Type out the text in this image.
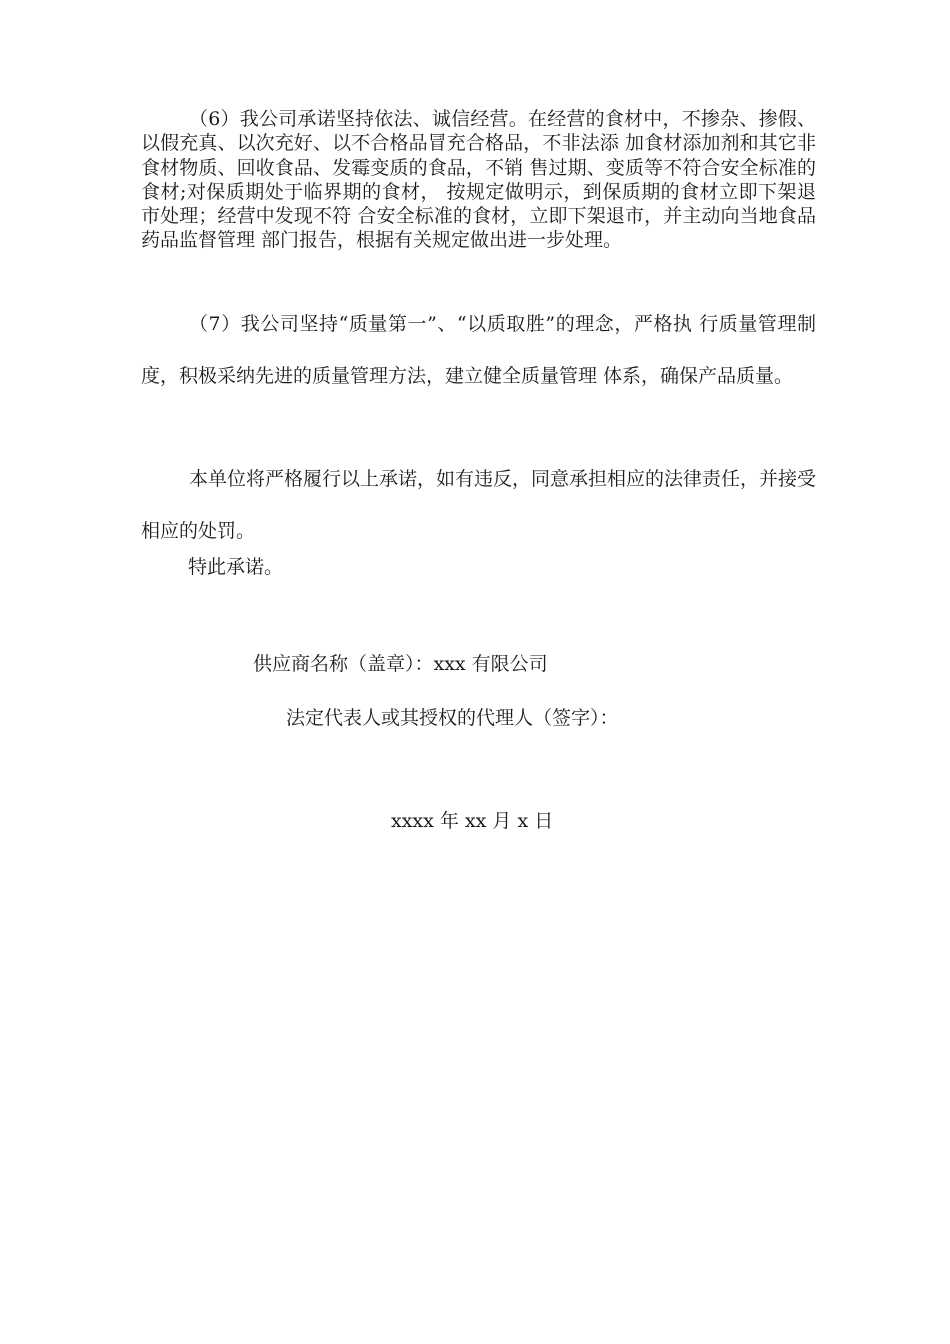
（6）我公司承诺坚持依法、诚信经营。在经营的食材中，不掺杂、掺假、以假充真、以次充好、以不合格品冒充合格品，不非法添 加食材添加剂和其它非食材物质、回收食品、发霉变质的食品，不销 售过期、变质等不符合安全标准的食材;对保质期处于临界期的食材， 按规定做明示，到保质期的食材立即下架退市处理；经营中发现不符 合安全标准的食材，立即下架退市，并主动向当地食品药品监督管理 部门报告，根据有关规定做出进一步处理。

（7）我公司坚持“质量第一”、“以质取胜”的理念，严格执 行质量管理制度，积极采纳先进的质量管理方法，建立健全质量管理 体系，确保产品质量。

本单位将严格履行以上承诺，如有违反，同意承担相应的法律责任，并接受相应的处罚。

特此承诺。

供应商名称（盖章）：xxx 有限公司

法定代表人或其授权的代理人（签字）：

xxxx 年 xx 月 x 日
